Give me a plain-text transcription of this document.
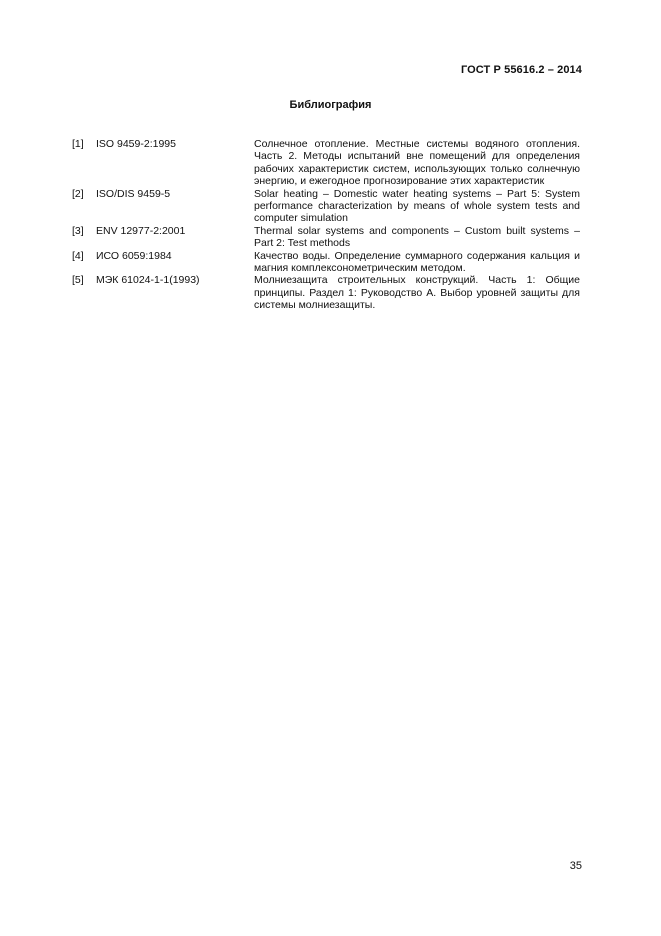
ГОСТ Р 55616.2 – 2014
Библиография
[1]	ISO 9459-2:1995	Солнечное отопление. Местные системы водяного отопления. Часть 2. Методы испытаний вне помещений для определения рабочих характеристик систем, использующих только солнечную энергию, и ежегодное прогнозирование этих характеристик
[2]	ISO/DIS 9459-5	Solar heating – Domestic water heating systems – Part 5: System performance characterization by means of whole system tests and computer simulation
[3]	ENV 12977-2:2001	Thermal solar systems and components – Custom built systems – Part 2: Test methods
[4]	ИСО 6059:1984	Качество воды. Определение суммарного содержания кальция и магния комплексонометрическим методом.
[5]	МЭК 61024-1-1(1993)	Молниезащита строительных конструкций. Часть 1: Общие принципы. Раздел 1: Руководство А. Выбор уровней защиты для системы молниезащиты.
35
